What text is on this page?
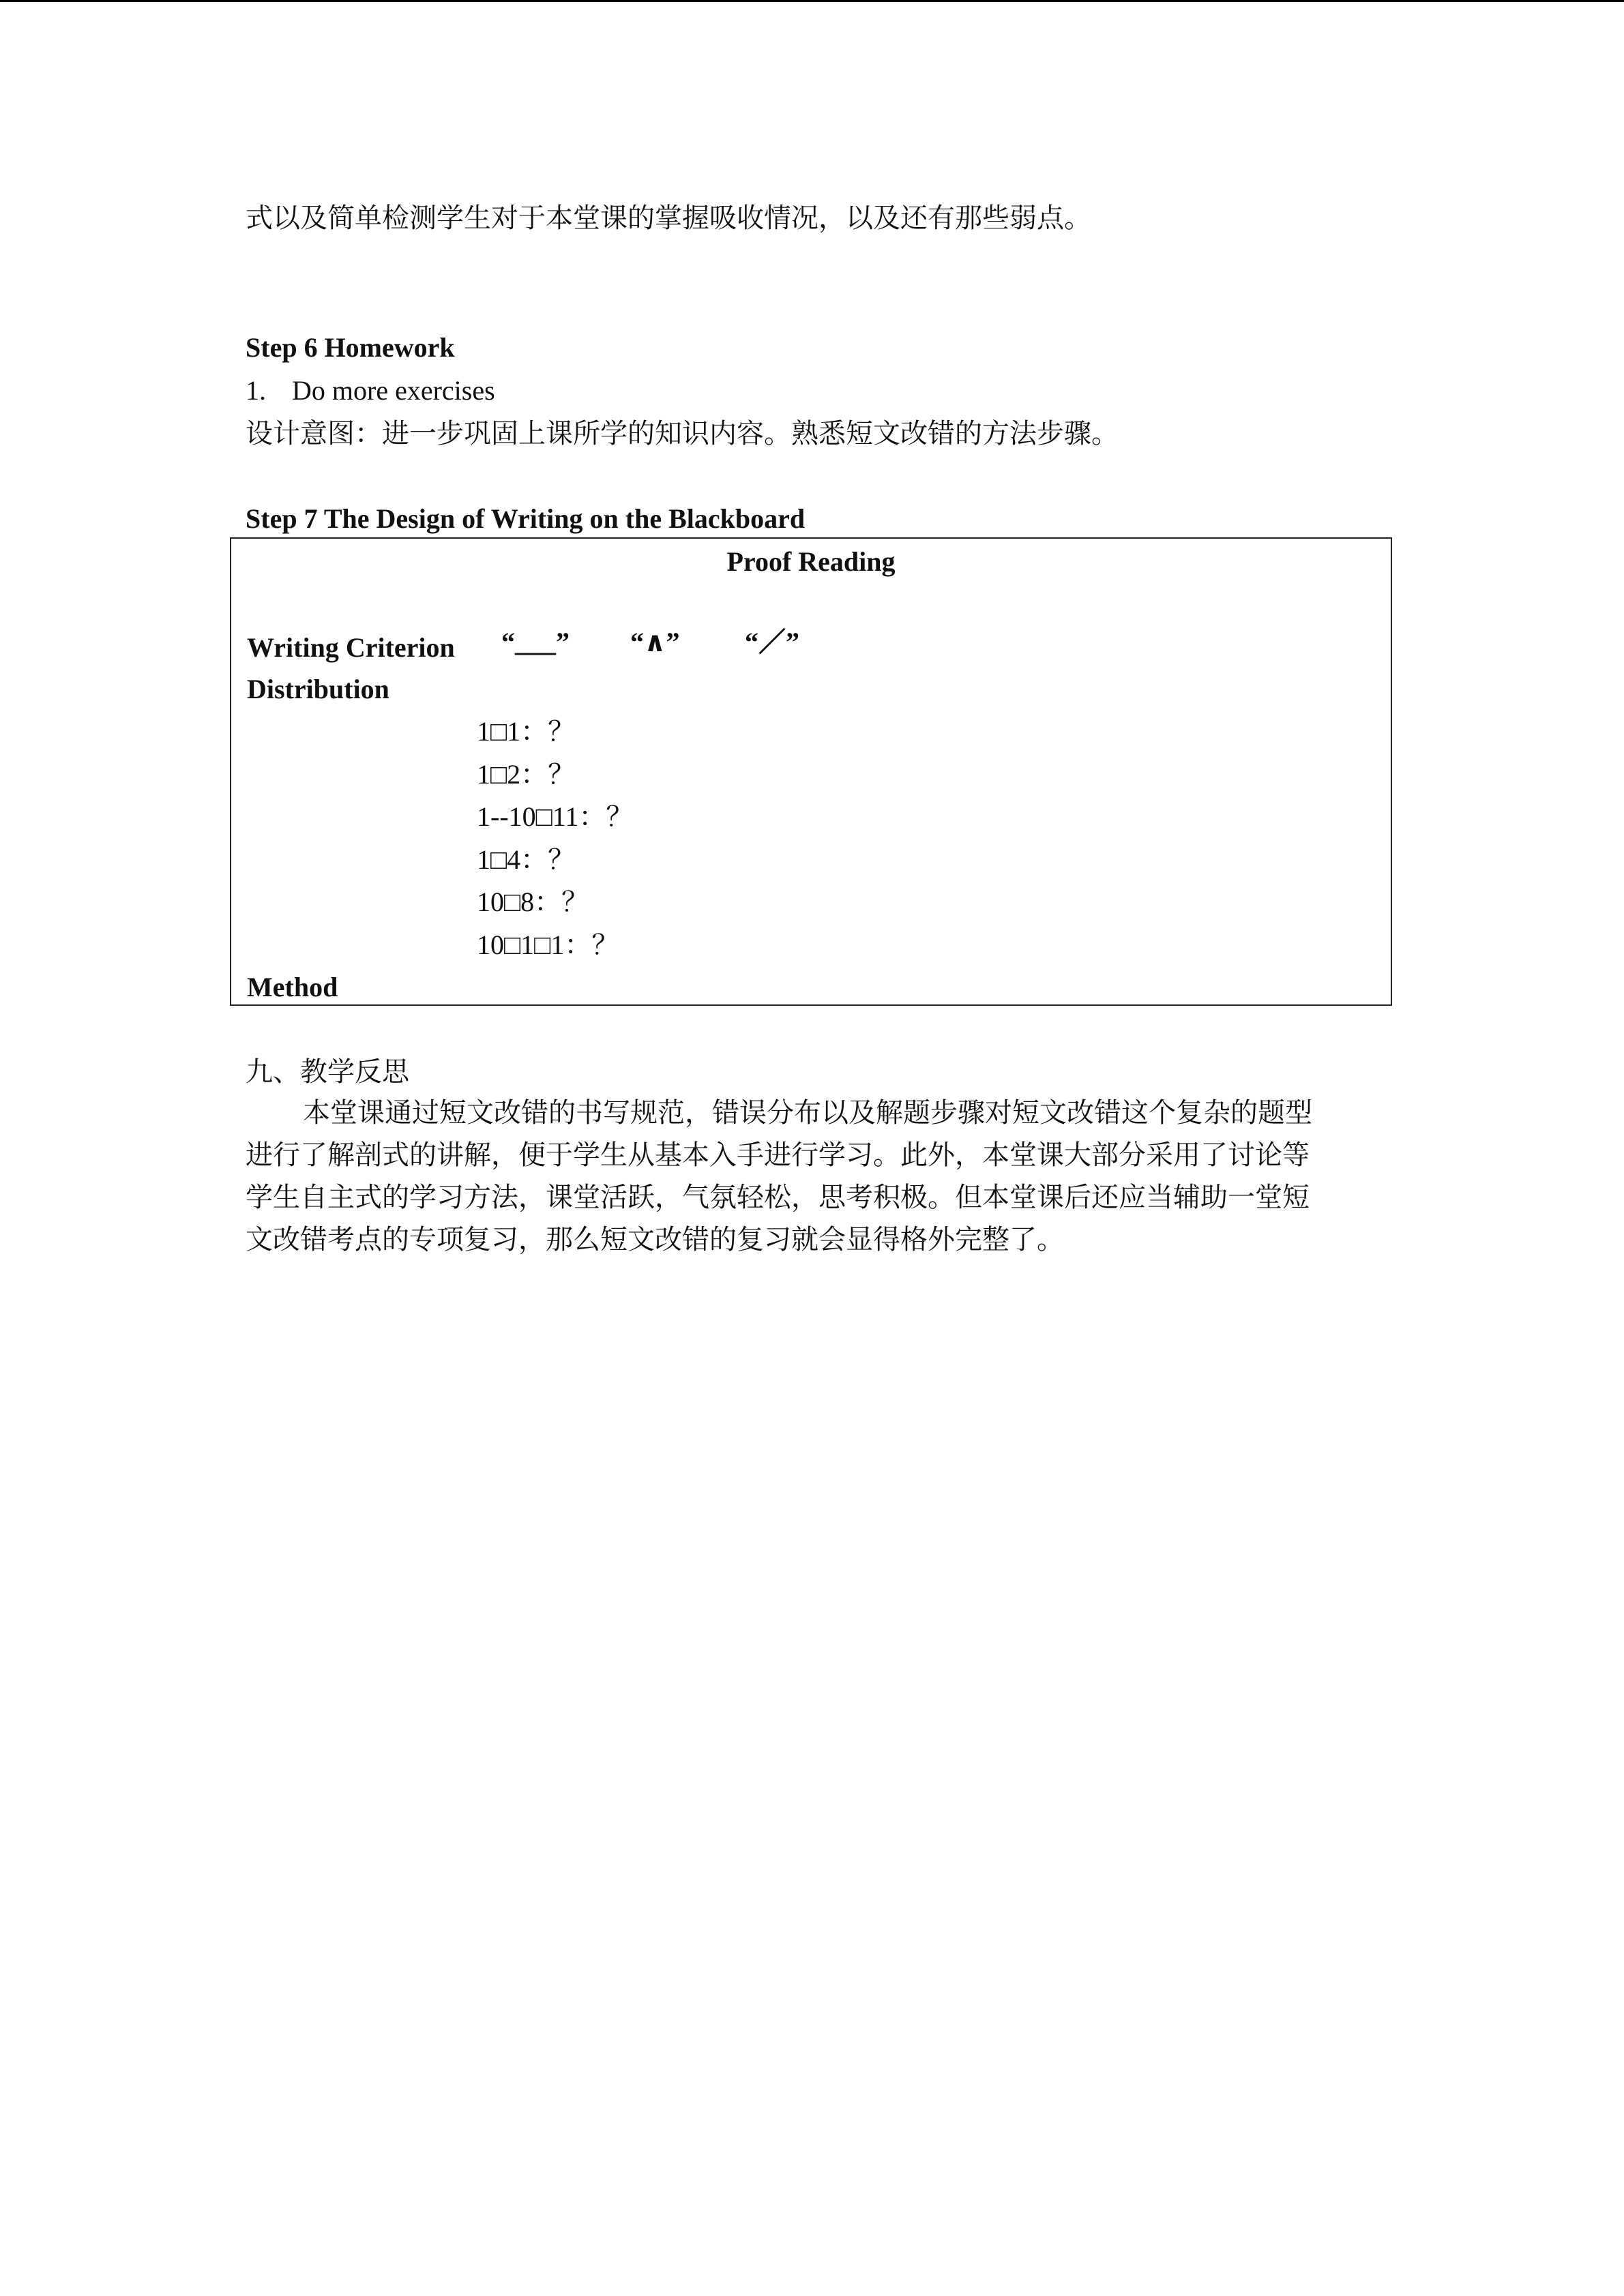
式以及简单检测学生对于本堂课的掌握吸收情况，以及还有那些弱点。
Step 6 Homework
1. Do more exercises
设计意图：进一步巩固上课所学的知识内容。熟悉短文改错的方法步骤。
Step 7 The Design of Writing on the Blackboard
Proof Reading
Writing Criterion “___” “∧” “／”
Distribution
1□1：？
1□2：？
1--10□11：？
1□4：？
10□8：？
10□1□1：？
Method
九、教学反思
本堂课通过短文改错的书写规范，错误分布以及解题步骤对短文改错这个复杂的题型
进行了解剖式的讲解，便于学生从基本入手进行学习。此外，本堂课大部分采用了讨论等
学生自主式的学习方法，课堂活跃，气氛轻松，思考积极。但本堂课后还应当辅助一堂短
文改错考点的专项复习，那么短文改错的复习就会显得格外完整了。
